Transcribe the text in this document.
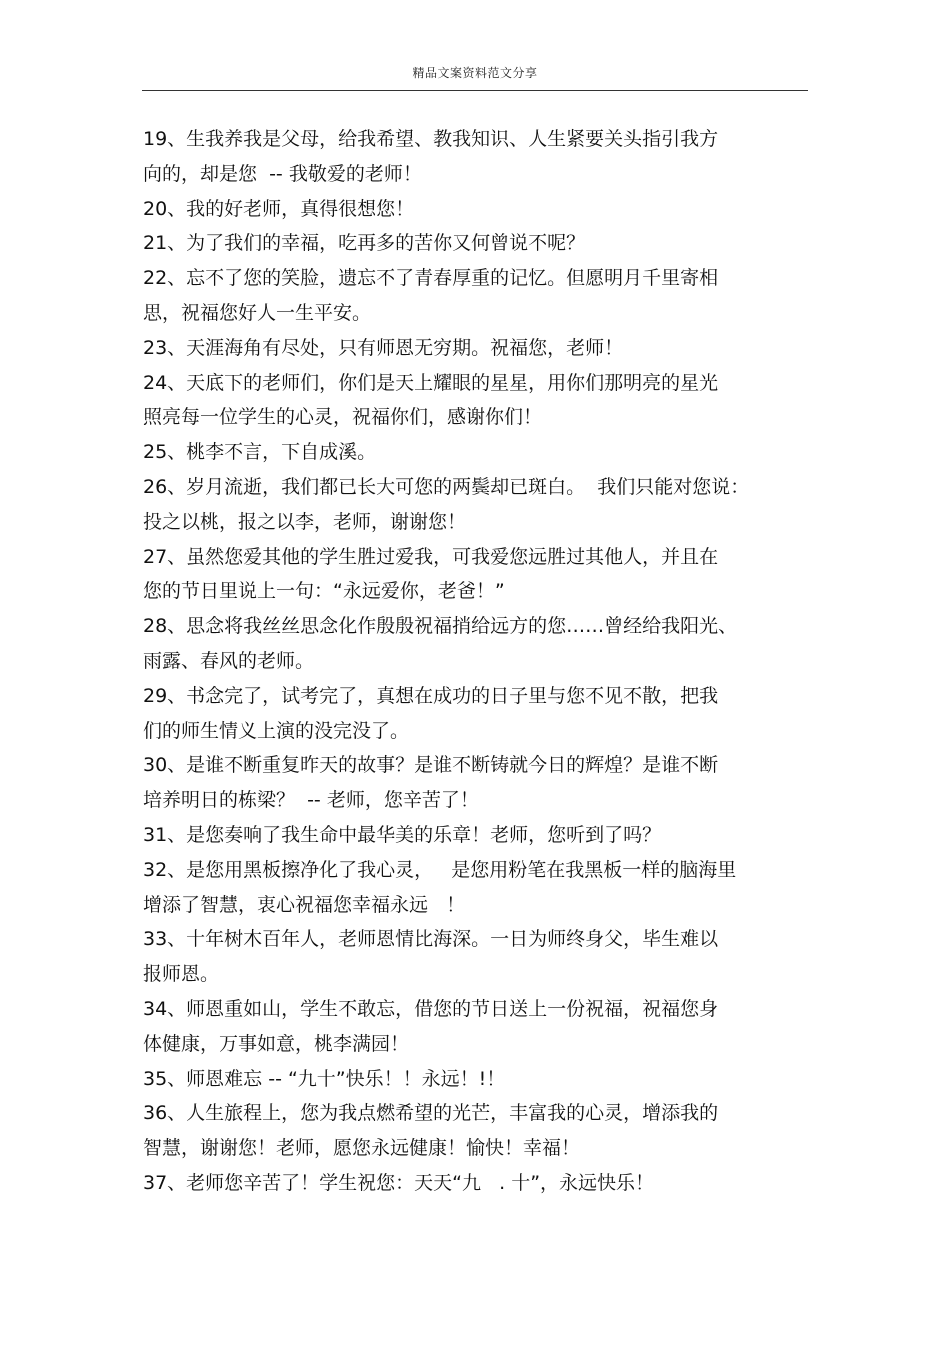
精品文案资料范文分享
19、生我养我是父母，给我希望、教我知识、人生紧要关头指引我方
向的，却是您  -- 我敬爱的老师！
20、我的好老师，真得很想您！
21、为了我们的幸福，吃再多的苦你又何曾说不呢？
22、忘不了您的笑脸，遗忘不了青春厚重的记忆。但愿明月千里寄相
思，祝福您好人一生平安。
23、天涯海角有尽处，只有师恩无穷期。祝福您，老师！
24、天底下的老师们，你们是天上耀眼的星星，用你们那明亮的星光
照亮每一位学生的心灵，祝福你们，感谢你们！
25、桃李不言，下自成溪。
26、岁月流逝，我们都已长大可您的两鬓却已斑白。  我们只能对您说：
投之以桃，报之以李，老师，谢谢您！
27、虽然您爱其他的学生胜过爱我，可我爱您远胜过其他人，并且在
您的节日里说上一句：“永远爱你，老爸！”
28、思念将我丝丝思念化作殷殷祝福捎给远方的您……曾经给我阳光、
雨露、春风的老师。
29、书念完了，试考完了，真想在成功的日子里与您不见不散，把我
们的师生情义上演的没完没了。
30、是谁不断重复昨天的故事？是谁不断铸就今日的辉煌？是谁不断
培养明日的栋梁？  -- 老师，您辛苦了！
31、是您奏响了我生命中最华美的乐章！老师，您听到了吗？
32、是您用黑板擦净化了我心灵，   是您用粉笔在我黑板一样的脑海里
增添了智慧，衷心祝福您幸福永远   ！
33、十年树木百年人，老师恩情比海深。一日为师终身父，毕生难以
报师恩。
34、师恩重如山，学生不敢忘，借您的节日送上一份祝福，祝福您身
体健康，万事如意，桃李满园！
35、师恩难忘 -- “九十”快乐！！永远！!！
36、人生旅程上，您为我点燃希望的光芒，丰富我的心灵，增添我的
智慧，谢谢您！老师，愿您永远健康！愉快！幸福！
37、老师您辛苦了！学生祝您：天天“九   . 十”，永远快乐！
